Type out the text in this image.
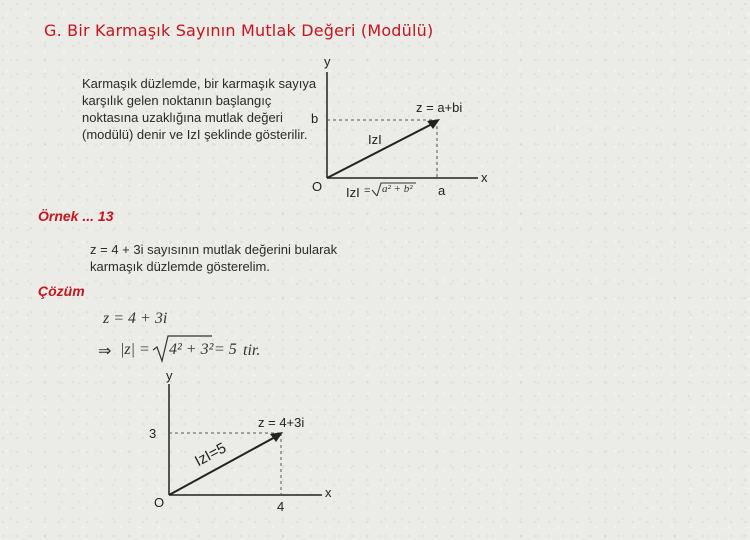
G. Bir Karmaşık Sayının Mutlak Değeri (Modülü)
Karmaşık düzlemde, bir karmaşık sayıya karşılık gelen noktanın başlangıç noktasına uzaklığına mutlak değeri (modülü) denir ve IzI şeklinde gösterilir.
y
x
O
z = a+bi
b
a
IzI
IzI = a² + b²
Örnek ... 13
z = 4 + 3i sayısının mutlak değerini bularak karmaşık düzlemde gösterelim.
Çözüm
z = 4 + 3i
⇒ |z| = 4² + 3² = 5 tir.
y
x
O
z = 4+3i
3
4
IzI=5
